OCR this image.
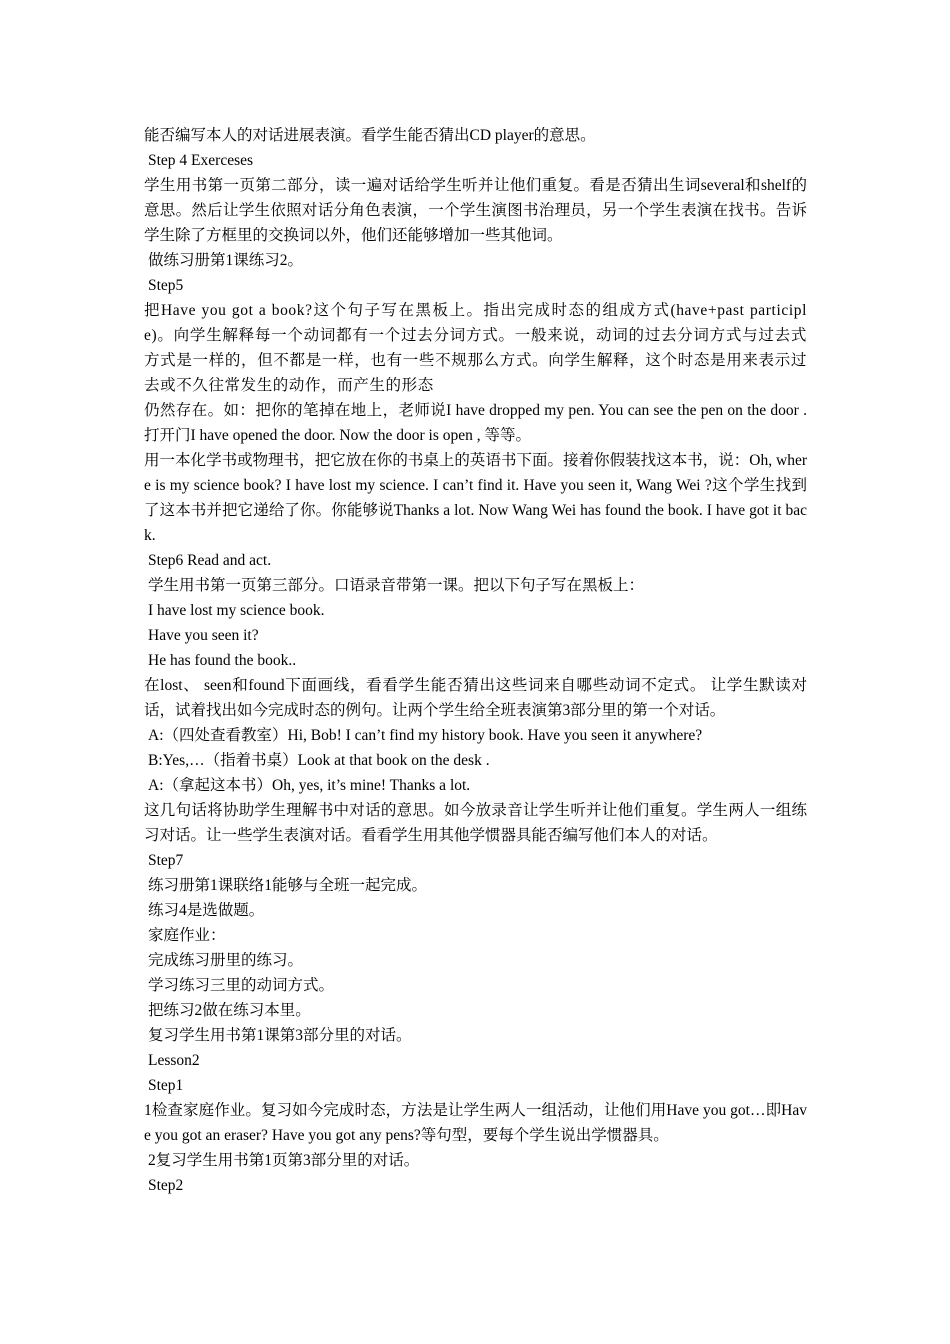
能否编写本人的对话进展表演。看学生能否猜出CD player的意思。

Step 4 Exerceses

学生用书第一页第二部分，读一遍对话给学生听并让他们重复。看是否猜出生词several和shelf的意思。然后让学生依照对话分角色表演，一个学生演图书治理员，另一个学生表演在找书。告诉学生除了方框里的交换词以外，他们还能够增加一些其他词。

做练习册第1课练习2。

Step5

把Have you got a book?这个句子写在黑板上。指出完成时态的组成方式(have+past participle)。向学生解释每一个动词都有一个过去分词方式。一般来说，动词的过去分词方式与过去式方式是一样的，但不都是一样，也有一些不规那么方式。向学生解释，这个时态是用来表示过去或不久往常发生的动作，而产生的形态

仍然存在。如：把你的笔掉在地上，老师说I have dropped my pen. You can see the pen on the door .打开门I have opened the door. Now the door is open , 等等。

用一本化学书或物理书，把它放在你的书桌上的英语书下面。接着你假装找这本书，说：Oh, where is my science book? I have lost my science. I can’t find it. Have you seen it, Wang Wei ?这个学生找到了这本书并把它递给了你。你能够说Thanks a lot. Now Wang Wei has found the book. I have got it back.

Step6 Read and act.

学生用书第一页第三部分。口语录音带第一课。把以下句子写在黑板上：

I have lost my science book.

Have you seen it?

He has found the book..

在lost、 seen和found下面画线，看看学生能否猜出这些词来自哪些动词不定式。 让学生默读对话，试着找出如今完成时态的例句。让两个学生给全班表演第3部分里的第一个对话。

A:（四处查看教室）Hi, Bob! I can’t find my history book. Have you seen it anywhere?

B:Yes,…（指着书桌）Look at that book on the desk .

A:（拿起这本书）Oh, yes, it’s mine! Thanks a lot.

这几句话将协助学生理解书中对话的意思。如今放录音让学生听并让他们重复。学生两人一组练习对话。让一些学生表演对话。看看学生用其他学惯器具能否编写他们本人的对话。

Step7

练习册第1课联络1能够与全班一起完成。

练习4是选做题。

家庭作业：

完成练习册里的练习。

学习练习三里的动词方式。

把练习2做在练习本里。

复习学生用书第1课第3部分里的对话。

Lesson2

Step1

1检查家庭作业。复习如今完成时态，方法是让学生两人一组活动，让他们用Have you got…即Have you got an eraser? Have you got any pens?等句型，要每个学生说出学惯器具。

2复习学生用书第1页第3部分里的对话。

Step2
